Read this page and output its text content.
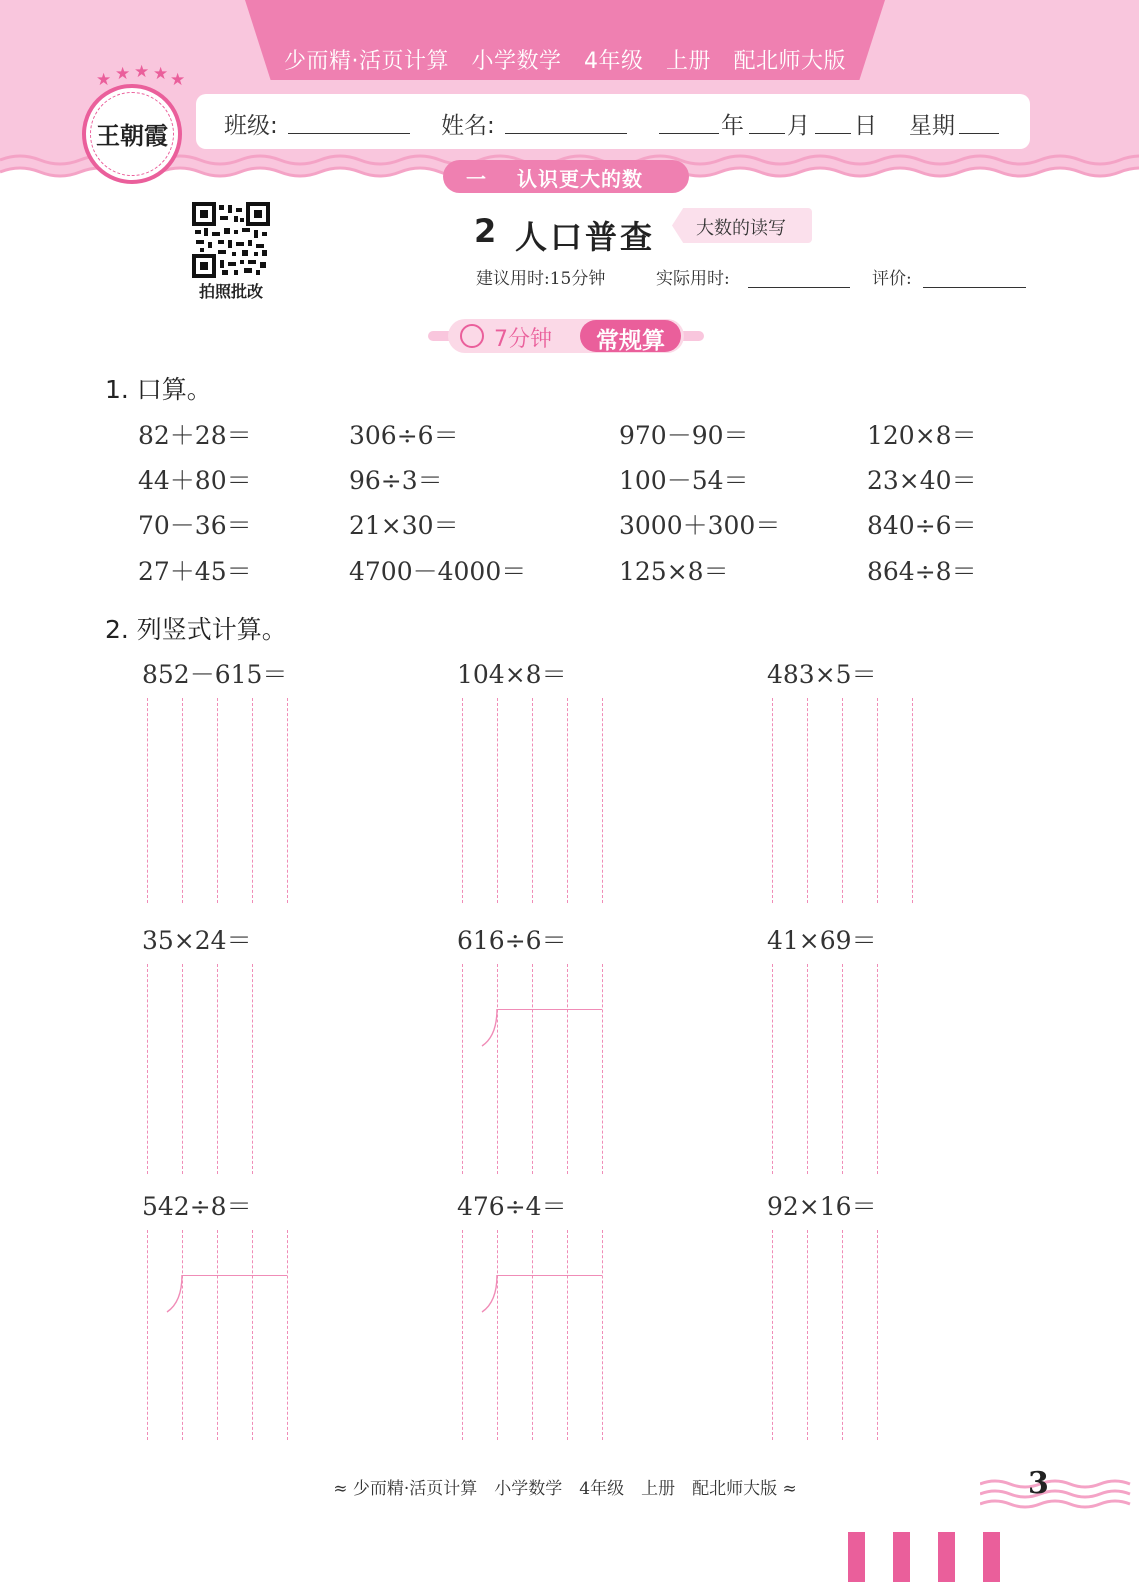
少而精·活页计算　小学数学　4年级　上册　配北师大版
班级:	姓名:	年 月 日 星期
★ ★ ★ ★ ★
王朝霞
一 认识更大的数
拍照批改
2 人口普查 大数的读写
建议用时:15分钟	实际用时:	评价:
7分钟	常规算
1. 口算。
82＋28＝	306÷6＝	970－90＝	120×8＝
44＋80＝	96÷3＝	100－54＝	23×40＝
70－36＝	21×30＝	3000＋300＝	840÷6＝
27＋45＝	4700－4000＝	125×8＝	864÷8＝
2. 列竖式计算。
852－615＝	104×8＝	483×5＝
35×24＝	616÷6＝	41×69＝
542÷8＝	476÷4＝	92×16＝
≈ 少而精·活页计算　小学数学　4年级　上册　配北师大版 ≈	3
